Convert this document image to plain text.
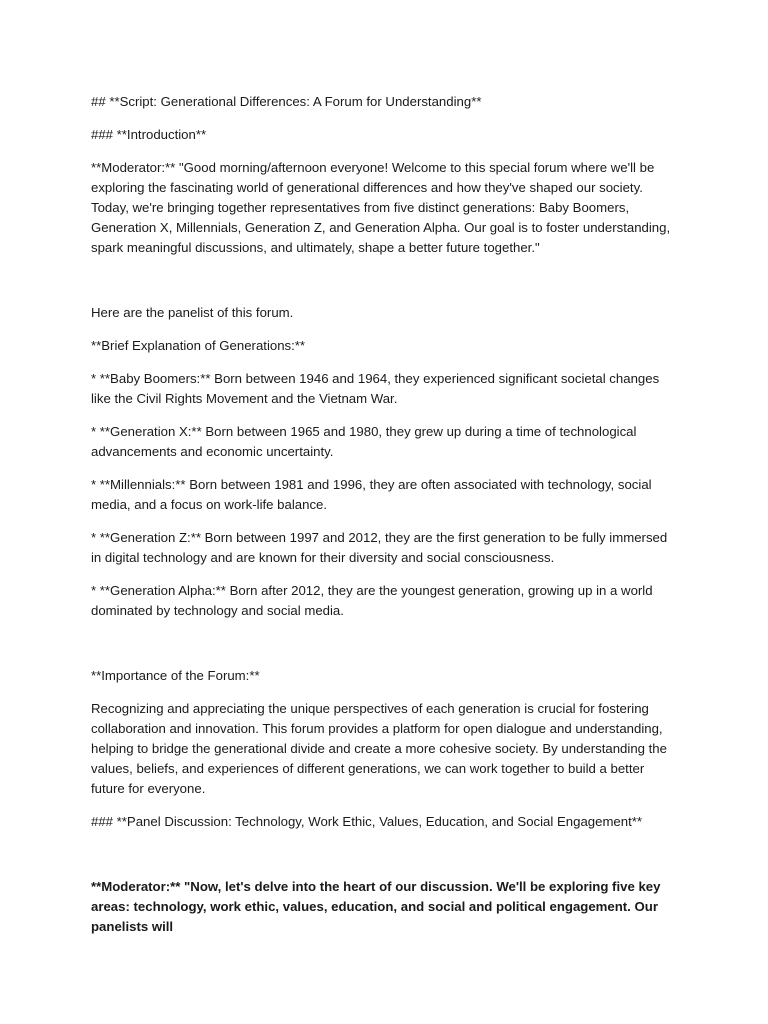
## **Script: Generational Differences: A Forum for Understanding**

### **Introduction**

**Moderator:** "Good morning/afternoon everyone! Welcome to this special forum where we'll be exploring the fascinating world of generational differences and how they've shaped our society. Today, we're bringing together representatives from five distinct generations: Baby Boomers, Generation X, Millennials, Generation Z, and Generation Alpha. Our goal is to foster understanding, spark meaningful discussions, and ultimately, shape a better future together."

Here are the panelist of this forum.

**Brief Explanation of Generations:**

* **Baby Boomers:** Born between 1946 and 1964, they experienced significant societal changes like the Civil Rights Movement and the Vietnam War.

* **Generation X:** Born between 1965 and 1980, they grew up during a time of technological advancements and economic uncertainty.

* **Millennials:** Born between 1981 and 1996, they are often associated with technology, social media, and a focus on work-life balance.

* **Generation Z:** Born between 1997 and 2012, they are the first generation to be fully immersed in digital technology and are known for their diversity and social consciousness.

* **Generation Alpha:** Born after 2012, they are the youngest generation, growing up in a world dominated by technology and social media.

**Importance of the Forum:**

Recognizing and appreciating the unique perspectives of each generation is crucial for fostering collaboration and innovation. This forum provides a platform for open dialogue and understanding, helping to bridge the generational divide and create a more cohesive society. By understanding the values, beliefs, and experiences of different generations, we can work together to build a better future for everyone.

### **Panel Discussion: Technology, Work Ethic, Values, Education, and Social Engagement**

**Moderator:** "Now, let's delve into the heart of our discussion. We'll be exploring five key areas: technology, work ethic, values, education, and social and political engagement. Our panelists will
